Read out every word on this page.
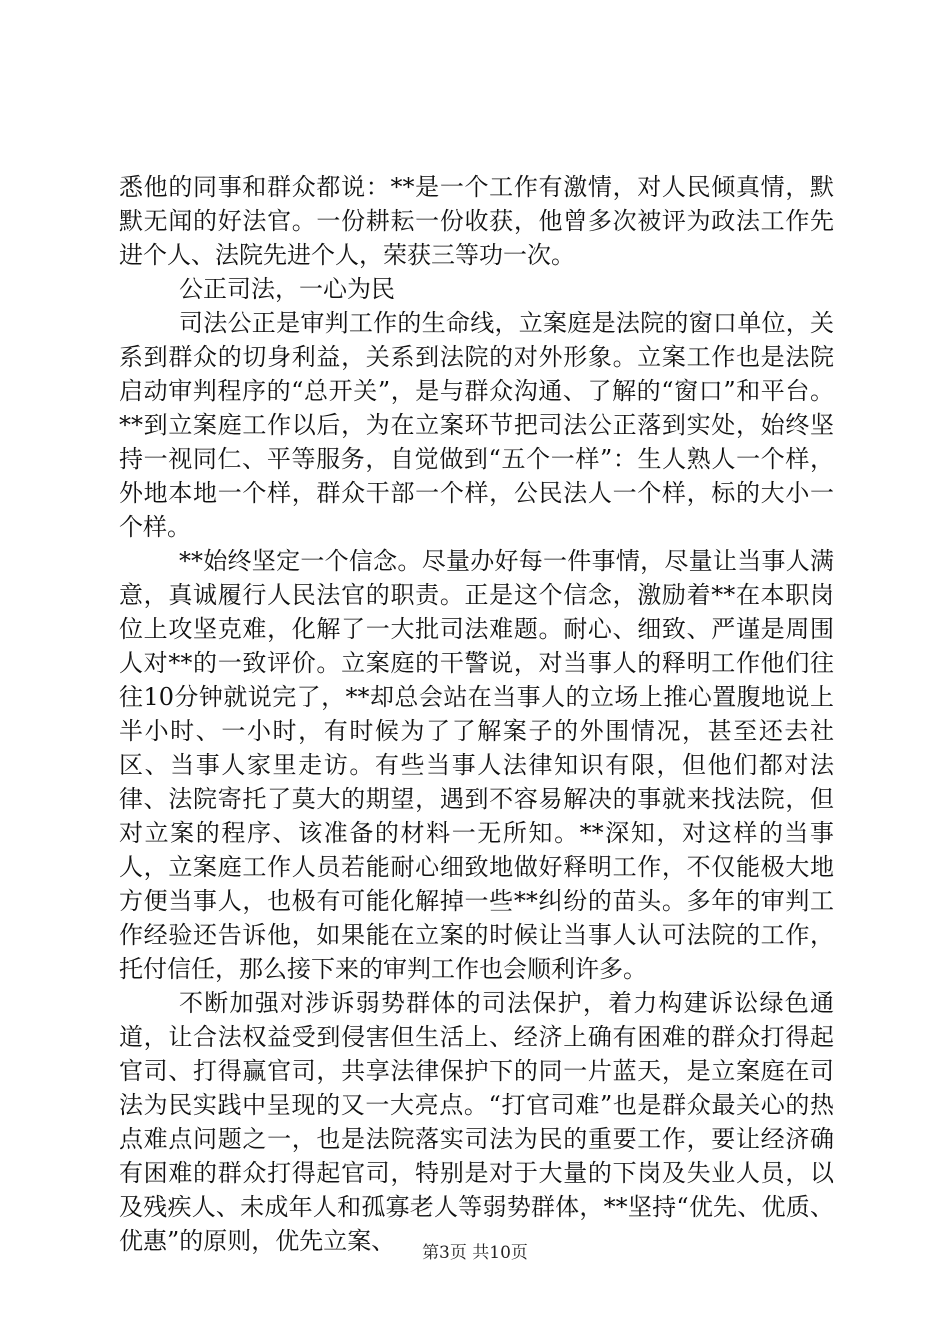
悉他的同事和群众都说：**是一个工作有激情，对人民倾真情，默默无闻的好法官。一份耕耘一份收获，他曾多次被评为政法工作先进个人、法院先进个人，荣获三等功一次。

公正司法，一心为民

司法公正是审判工作的生命线，立案庭是法院的窗口单位，关系到群众的切身利益，关系到法院的对外形象。立案工作也是法院启动审判程序的“总开关”，是与群众沟通、了解的“窗口”和平台。**到立案庭工作以后，为在立案环节把司法公正落到实处，始终坚持一视同仁、平等服务，自觉做到“五个一样”：生人熟人一个样，外地本地一个样，群众干部一个样，公民法人一个样，标的大小一个样。

**始终坚定一个信念。尽量办好每一件事情，尽量让当事人满意，真诚履行人民法官的职责。正是这个信念，激励着**在本职岗位上攻坚克难，化解了一大批司法难题。耐心、细致、严谨是周围人对**的一致评价。立案庭的干警说，对当事人的释明工作他们往往10分钟就说完了，**却总会站在当事人的立场上推心置腹地说上半小时、一小时，有时候为了了解案子的外围情况，甚至还去社区、当事人家里走访。有些当事人法律知识有限，但他们都对法律、法院寄托了莫大的期望，遇到不容易解决的事就来找法院，但对立案的程序、该准备的材料一无所知。**深知，对这样的当事人，立案庭工作人员若能耐心细致地做好释明工作，不仅能极大地方便当事人，也极有可能化解掉一些**纠纷的苗头。多年的审判工作经验还告诉他，如果能在立案的时候让当事人认可法院的工作，托付信任，那么接下来的审判工作也会顺利许多。

不断加强对涉诉弱势群体的司法保护，着力构建诉讼绿色通道，让合法权益受到侵害但生活上、经济上确有困难的群众打得起官司、打得赢官司，共享法律保护下的同一片蓝天，是立案庭在司法为民实践中呈现的又一大亮点。“打官司难”也是群众最关心的热点难点问题之一，也是法院落实司法为民的重要工作，要让经济确有困难的群众打得起官司，特别是对于大量的下岗及失业人员，以及残疾人、未成年人和孤寡老人等弱势群体，**坚持“优先、优质、优惠”的原则，优先立案、	第3页 共10页
